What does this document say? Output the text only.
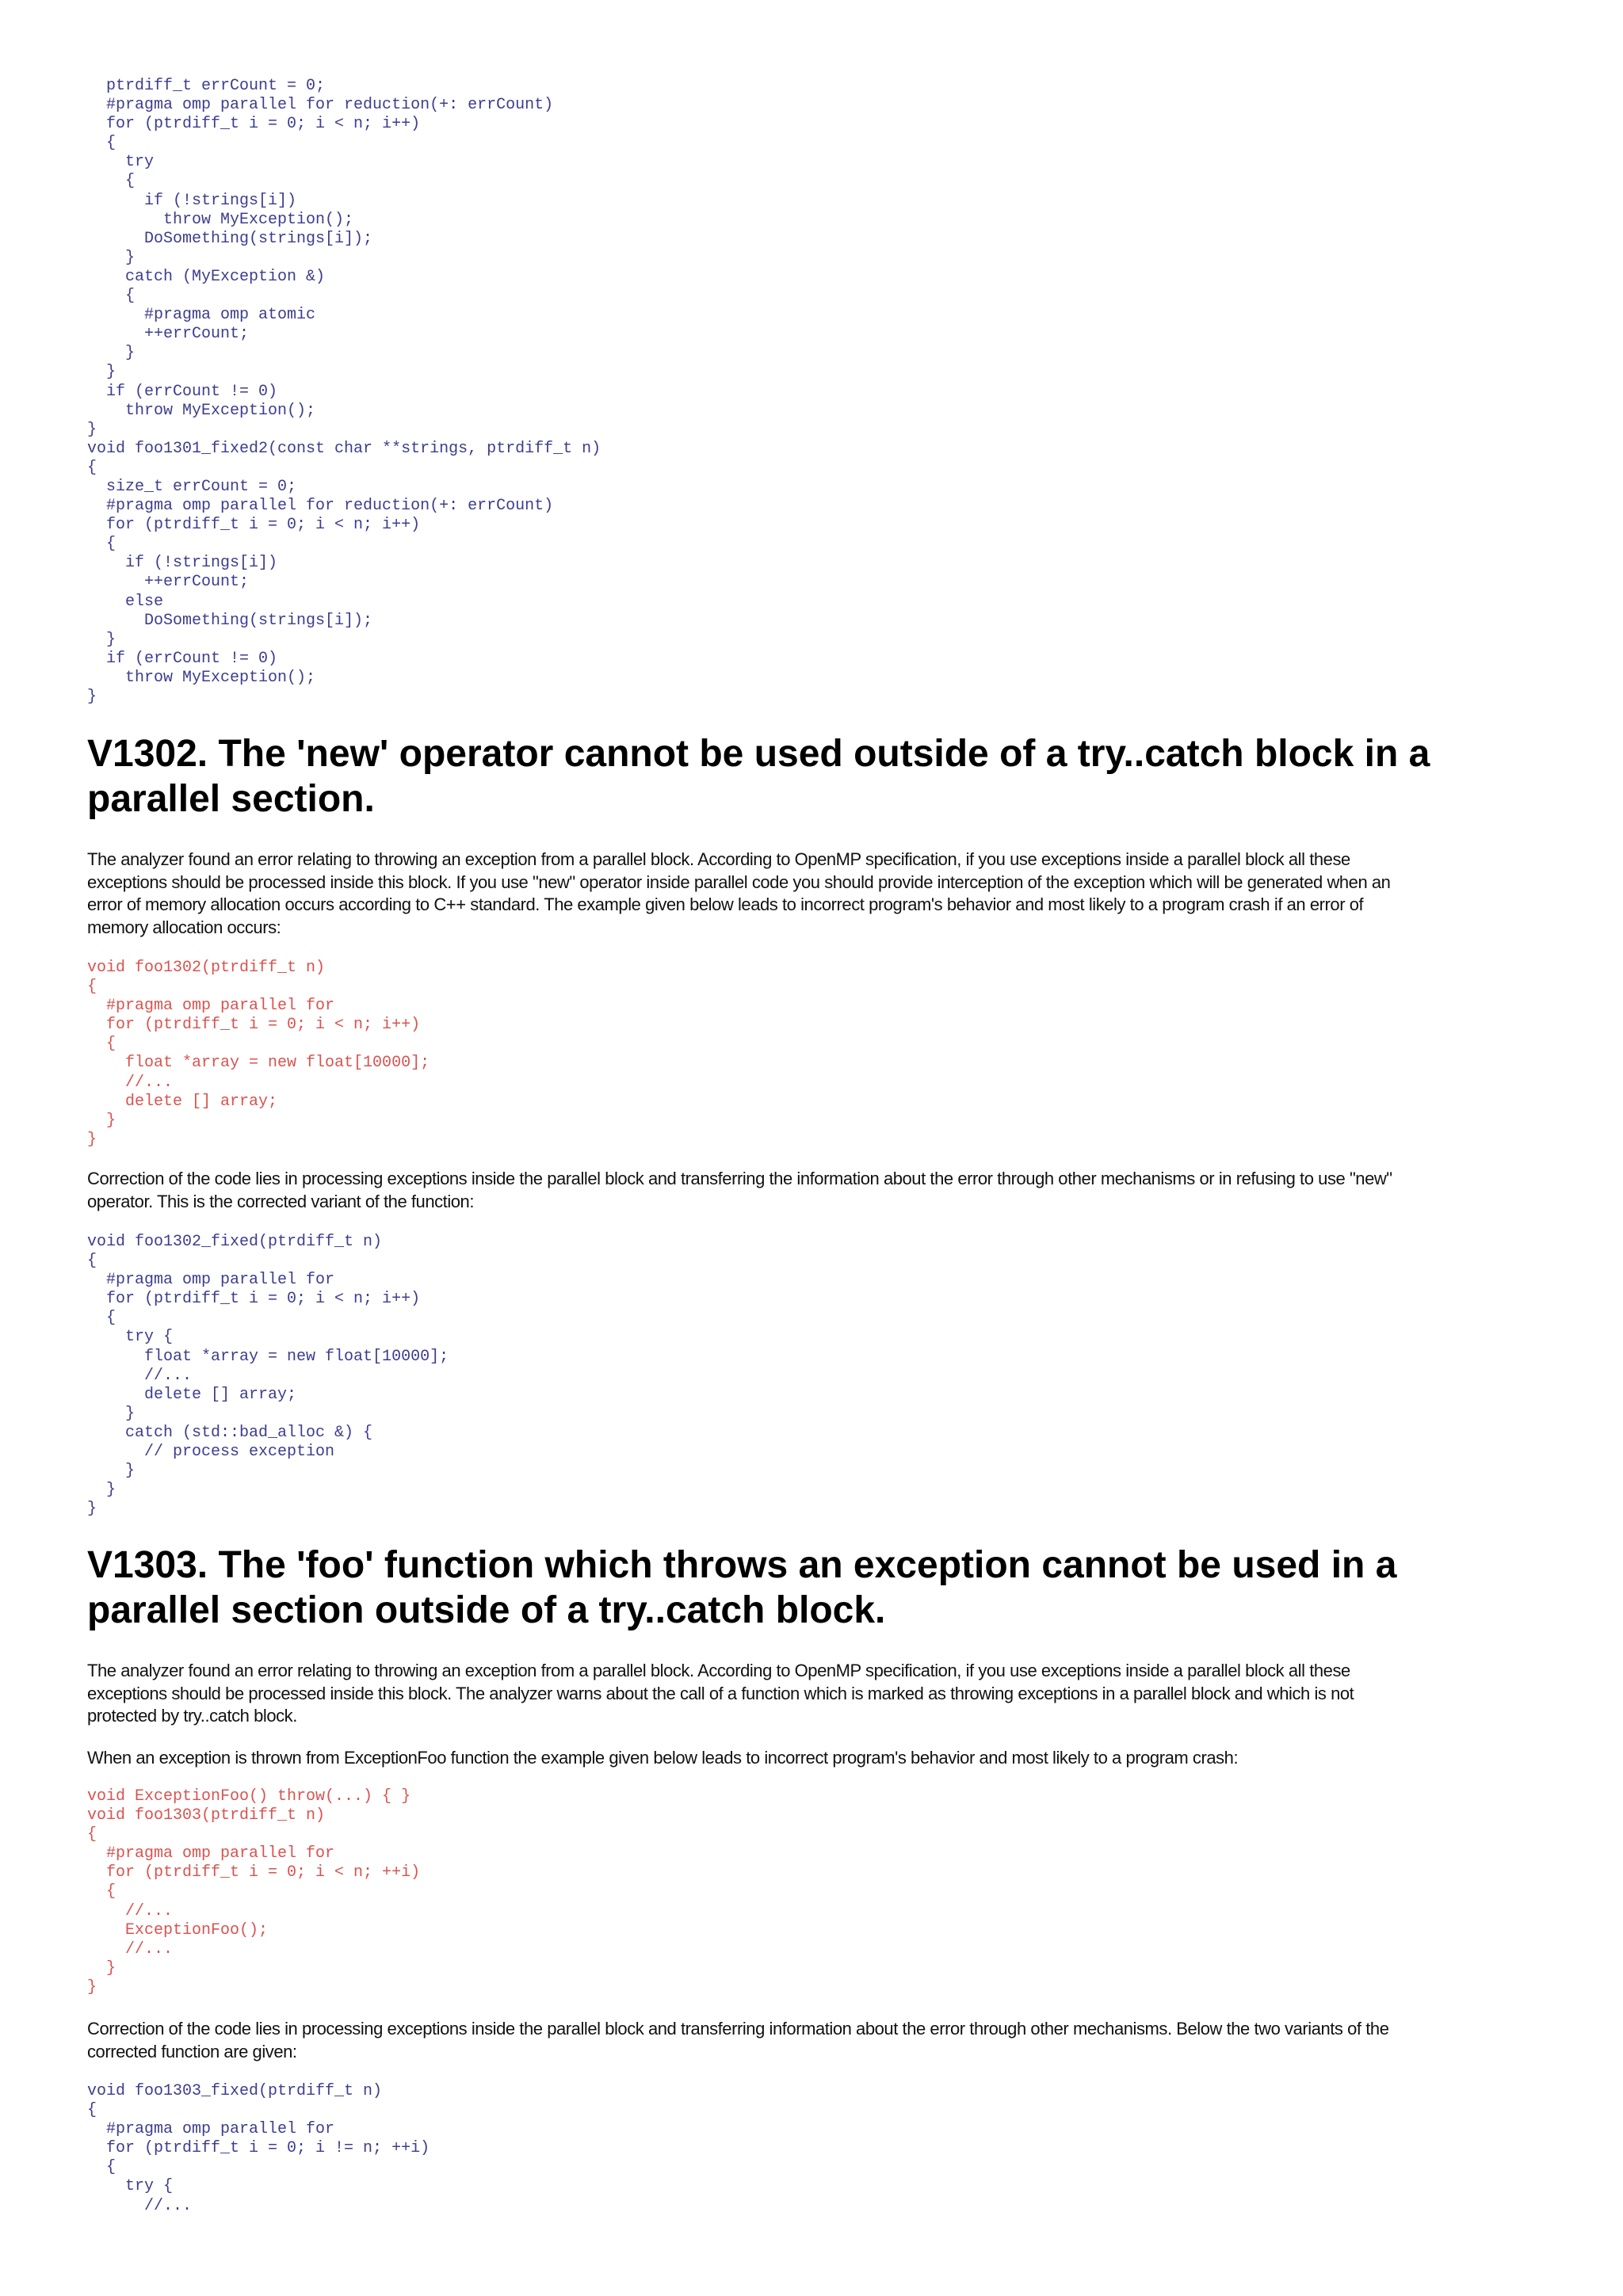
ptrdiff_t errCount = 0;
#pragma omp parallel for reduction(+: errCount)
for (ptrdiff_t i = 0; i < n; i++)
{
try
{
if (!strings[i])
throw MyException();
DoSomething(strings[i]);
}
catch (MyException &)
{
#pragma omp atomic
++errCount;
}
}
if (errCount != 0)
throw MyException();
}
void foo1301_fixed2(const char **strings, ptrdiff_t n)
{
size_t errCount = 0;
#pragma omp parallel for reduction(+: errCount)
for (ptrdiff_t i = 0; i < n; i++)
{
if (!strings[i])
++errCount;
else
DoSomething(strings[i]);
}
if (errCount != 0)
throw MyException();
}
V1302. The 'new' operator cannot be used outside of a try..catch block in a parallel section.

The analyzer found an error relating to throwing an exception from a parallel block. According to OpenMP specification, if you use exceptions inside a parallel block all these exceptions should be processed inside this block. If you use "new" operator inside parallel code you should provide interception of the exception which will be generated when an error of memory allocation occurs according to C++ standard. The example given below leads to incorrect program's behavior and most likely to a program crash if an error of memory allocation occurs:

void foo1302(ptrdiff_t n)
{
#pragma omp parallel for
for (ptrdiff_t i = 0; i < n; i++)
{
float *array = new float[10000];
//...
delete [] array;
}
}

Correction of the code lies in processing exceptions inside the parallel block and transferring the information about the error through other mechanisms or in refusing to use "new" operator. This is the corrected variant of the function:

void foo1302_fixed(ptrdiff_t n)
{
#pragma omp parallel for
for (ptrdiff_t i = 0; i < n; i++)
{
try {
float *array = new float[10000];
//...
delete [] array;
}
catch (std::bad_alloc &) {
// process exception
}
}
}
V1303. The 'foo' function which throws an exception cannot be used in a parallel section outside of a try..catch block.

The analyzer found an error relating to throwing an exception from a parallel block. According to OpenMP specification, if you use exceptions inside a parallel block all these exceptions should be processed inside this block. The analyzer warns about the call of a function which is marked as throwing exceptions in a parallel block and which is not protected by try..catch block.

When an exception is thrown from ExceptionFoo function the example given below leads to incorrect program's behavior and most likely to a program crash:

void ExceptionFoo() throw(...) { }
void foo1303(ptrdiff_t n)
{
#pragma omp parallel for
for (ptrdiff_t i = 0; i < n; ++i)
{
//...
ExceptionFoo();
//...
}
}

Correction of the code lies in processing exceptions inside the parallel block and transferring information about the error through other mechanisms. Below the two variants of the corrected function are given:

void foo1303_fixed(ptrdiff_t n)
{
#pragma omp parallel for
for (ptrdiff_t i = 0; i != n; ++i)
{
try {
//...
